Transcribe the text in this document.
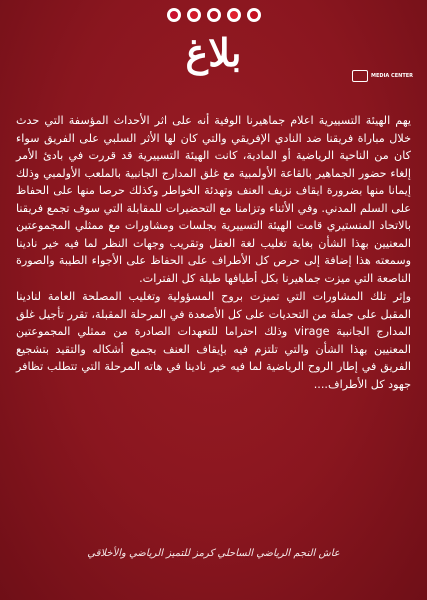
بلاغ
MEDIA CENTER

يهم الهيئة التسييرية اعلام جماهيرنا الوفية أنه على اثر الأحداث المؤسفة التي حدث خلال مباراة فريقنا ضد النادي الإفريقي والتي كان لها الأثر السلبي على الفريق سواء كان من الناحية الرياضية أو المادية، كانت الهيئة التسييرية قد قررت في بادئ الأمر إلغاء حضور الجماهير بالقاعة الأولمبية مع غلق المدارج الجانبية بالملعب الأولمبي وذلك إيمانا منها بضرورة ايقاف نزيف العنف وتهدئة الخواطر وكذلك حرصا منها على الحفاظ على السلم المدني. وفي الأثناء وتزامنا مع التحضيرات للمقابلة التي سوف تجمع فريقنا بالاتحاد المنستيري قامت الهيئة التسييرية بجلسات ومشاورات مع ممثلي المجموعتين المعنيين بهذا الشأن بغاية تغليب لغة العقل وتقريب وجهات النظر لما فيه خير نادينا وسمعته هذا إضافة إلى حرص كل الأطراف على الحفاظ على الأجواء الطيبة والصورة الناصعة التي ميزت جماهيرنا بكل أطيافها طيلة كل الفترات.

وإثر تلك المشاورات التي تميزت بروح المسؤولية وتغليب المصلحة العامة لنادينا المقبل على جملة من التحديات على كل الأصعدة في المرحلة المقبلة، تقرر تأجيل غلق المدارج الجانبية virage وذلك احتراما للتعهدات الصادرة من ممثلي المجموعتين المعنيين بهذا الشأن والتي تلتزم فيه بإيقاف العنف بجميع أشكاله والتقيد بتشجيع الفريق في إطار الروح الرياضية لما فيه خير نادينا في هاته المرحلة التي تتطلب تظافر جهود كل الأطراف....

عاش النجم الرياضي الساحلي كرمز للتميز الرياضي والأخلاقي
